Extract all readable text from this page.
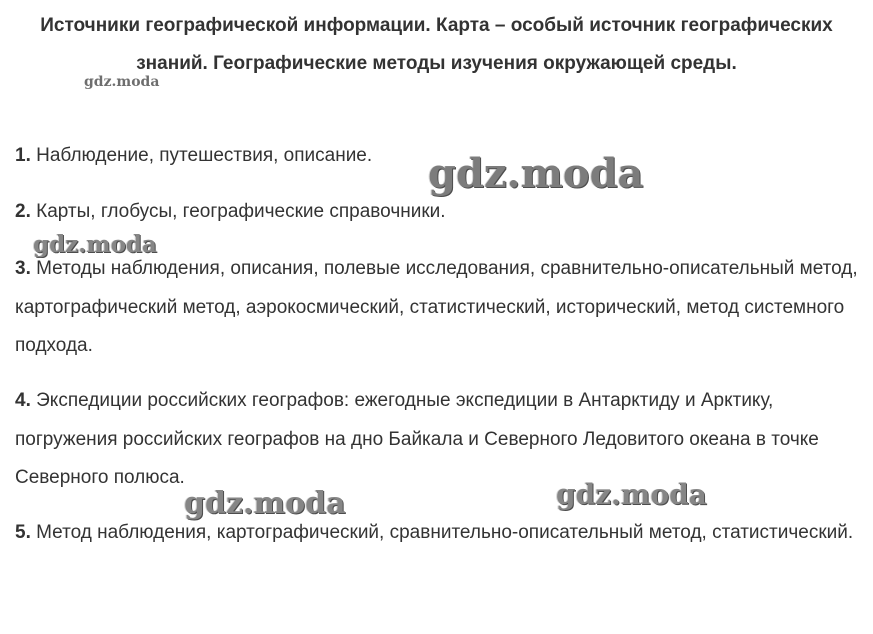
Источники географической информации. Карта – особый источник географических знаний. Географические методы изучения окружающей среды.
1. Наблюдение, путешествия, описание.
2. Карты, глобусы, географические справочники.
3. Методы наблюдения, описания, полевые исследования, сравнительно-описательный метод, картографический метод, аэрокосмический, статистический, исторический, метод системного подхода.
4. Экспедиции российских географов: ежегодные экспедиции в Антарктиду и Арктику, погружения российских географов на дно Байкала и Северного Ледовитого океана в точке Северного полюса.
5. Метод наблюдения, картографический, сравнительно-описательный метод, статистический.
gdz.moda
gdz.moda
gdz.moda
gdz.moda	gdz.moda
